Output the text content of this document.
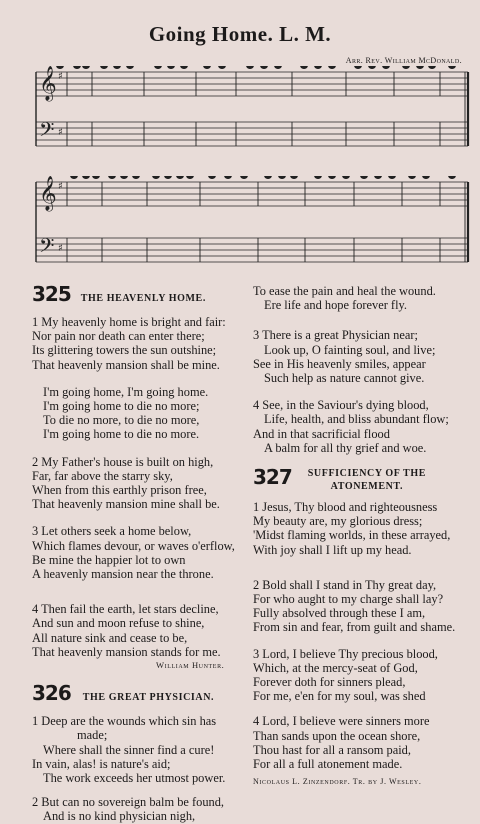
Going Home. L. M.
Arr. Rev. William McDonald.
𝄞
𝄢
♯
♯
𝄞
𝄢
♯
♯
325 THE HEAVENLY HOME.
1 My heavenly home is bright and fair:
Nor pain nor death can enter there;
Its glittering towers the sun outshine;
That heavenly mansion shall be mine.
I'm going home, I'm going home.
I'm going home to die no more;
To die no more, to die no more,
I'm going home to die no more.
2 My Father's house is built on high,
Far, far above the starry sky,
When from this earthly prison free,
That heavenly mansion mine shall be.
3 Let others seek a home below,
Which flames devour, or waves o'erflow,
Be mine the happier lot to own
A heavenly mansion near the throne.
4 Then fail the earth, let stars decline,
And sun and moon refuse to shine,
All nature sink and cease to be,
That heavenly mansion stands for me.
William Hunter.
326 THE GREAT PHYSICIAN.
1 Deep are the wounds which sin has
made;
Where shall the sinner find a cure!
In vain, alas! is nature's aid;
The work exceeds her utmost power.
2 But can no sovereign balm be found,
And is no kind physician nigh,
To ease the pain and heal the wound.
Ere life and hope forever fly.
3 There is a great Physician near;
Look up, O fainting soul, and live;
See in His heavenly smiles, appear
Such help as nature cannot give.
4 See, in the Saviour's dying blood,
Life, health, and bliss abundant flow;
And in that sacrificial flood
A balm for all thy grief and woe.
327 SUFFICIENCY OF THE
ATONEMENT.
1 Jesus, Thy blood and righteousness
My beauty are, my glorious dress;
'Midst flaming worlds, in these arrayed,
With joy shall I lift up my head.
2 Bold shall I stand in Thy great day,
For who aught to my charge shall lay?
Fully absolved through these I am,
From sin and fear, from guilt and shame.
3 Lord, I believe Thy precious blood,
Which, at the mercy-seat of God,
Forever doth for sinners plead,
For me, e'en for my soul, was shed
4 Lord, I believe were sinners more
Than sands upon the ocean shore,
Thou hast for all a ransom paid,
For all a full atonement made.
Nicolaus L. Zinzendorf. Tr. by J. Wesley.
